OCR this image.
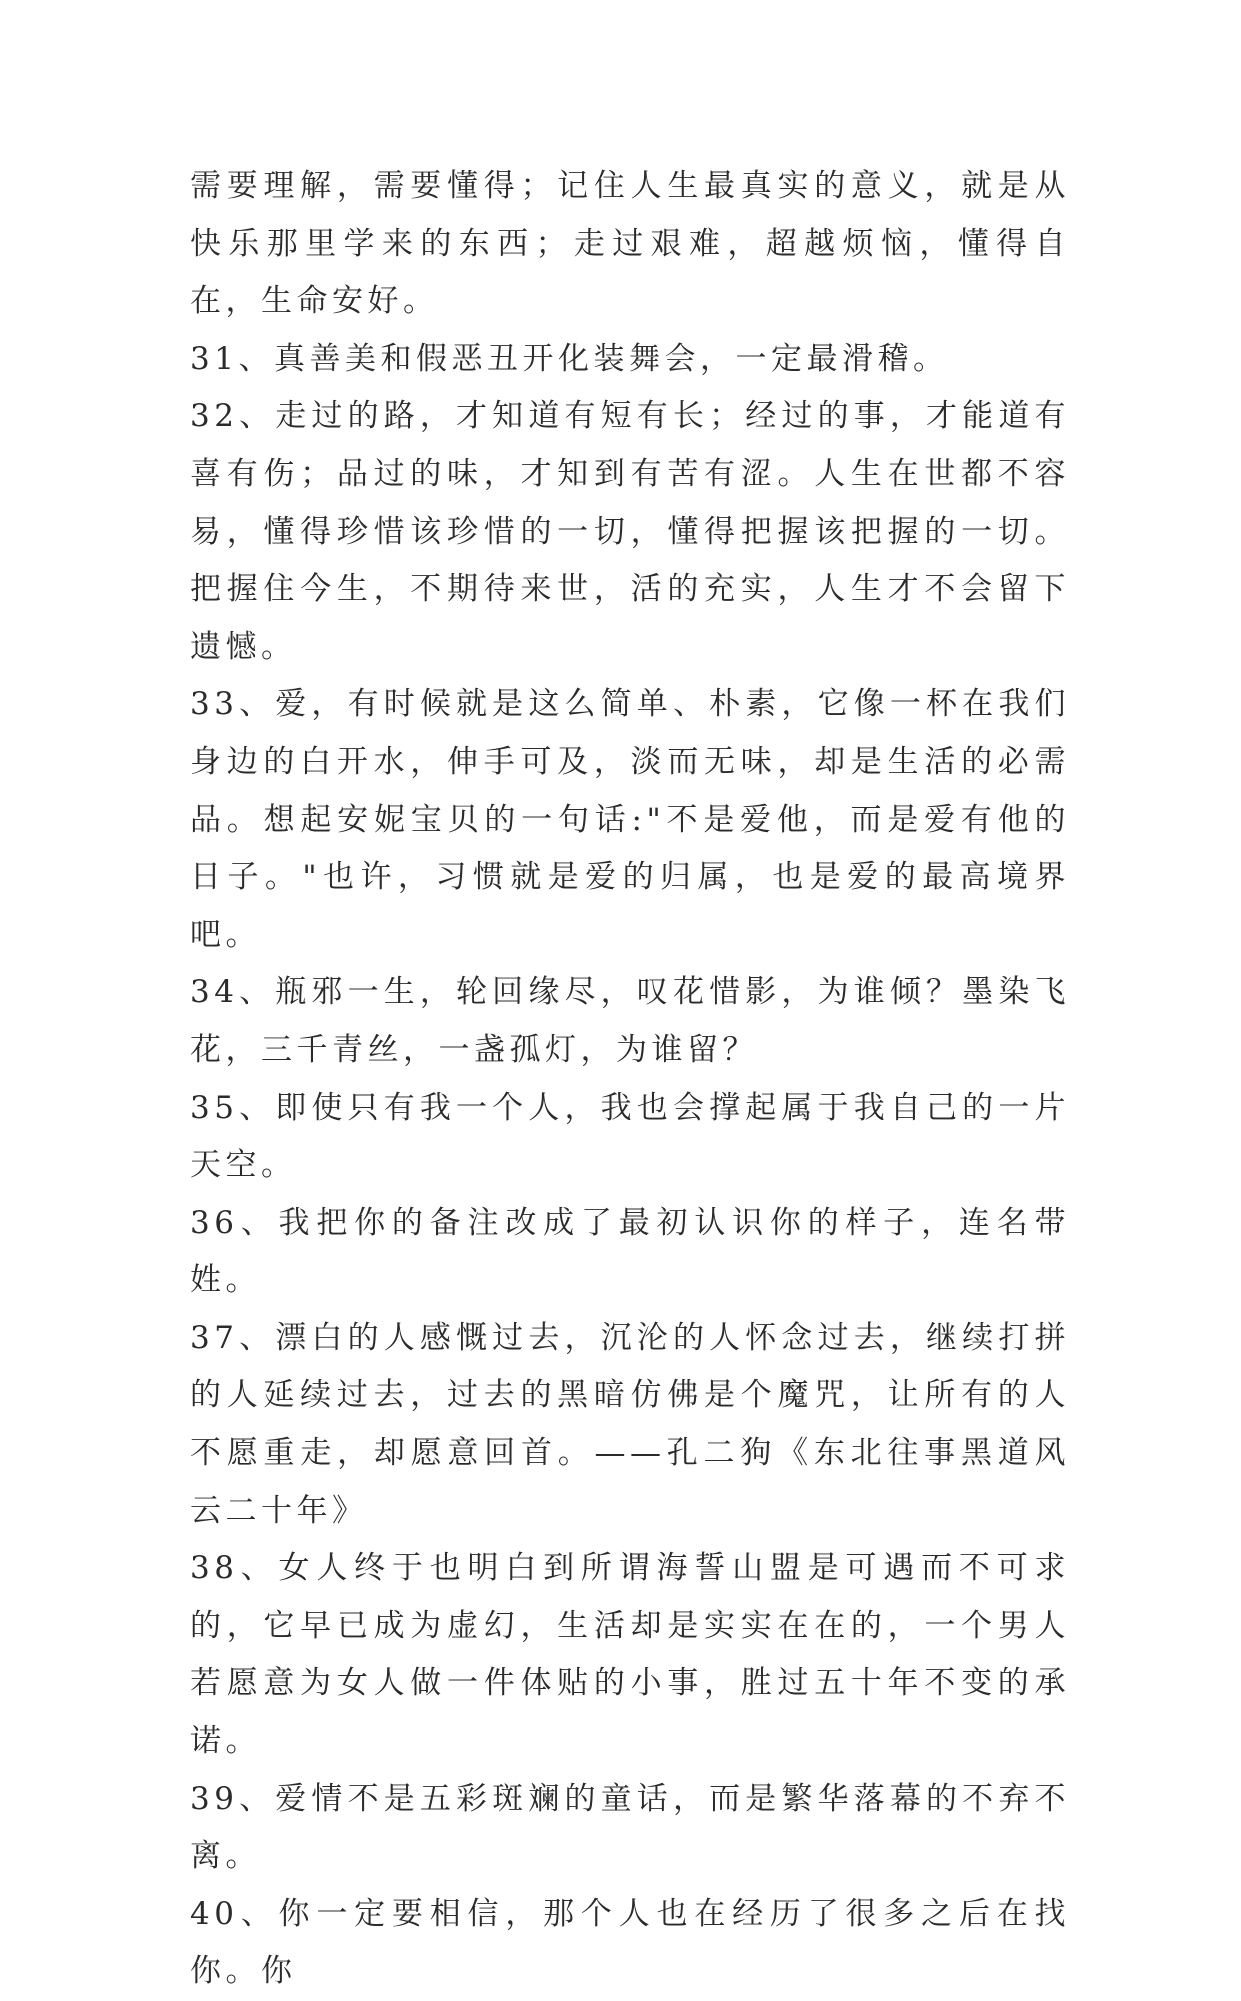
需要理解，需要懂得；记住人生最真实的意义，就是从快乐那里学来的东西；走过艰难，超越烦恼，懂得自在，生命安好。

31、真善美和假恶丑开化装舞会，一定最滑稽。

32、走过的路，才知道有短有长；经过的事，才能道有喜有伤；品过的味，才知到有苦有涩。人生在世都不容易，懂得珍惜该珍惜的一切，懂得把握该把握的一切。把握住今生，不期待来世，活的充实，人生才不会留下遗憾。

33、爱，有时候就是这么简单、朴素，它像一杯在我们身边的白开水，伸手可及，淡而无味，却是生活的必需品。想起安妮宝贝的一句话:"不是爱他，而是爱有他的日子。"也许，习惯就是爱的归属，也是爱的最高境界吧。

34、瓶邪一生，轮回缘尽，叹花惜影，为谁倾？墨染飞花，三千青丝，一盏孤灯，为谁留？

35、即使只有我一个人，我也会撑起属于我自己的一片天空。

36、我把你的备注改成了最初认识你的样子，连名带姓。

37、漂白的人感慨过去，沉沦的人怀念过去，继续打拼的人延续过去，过去的黑暗仿佛是个魔咒，让所有的人不愿重走，却愿意回首。——孔二狗《东北往事黑道风云二十年》

38、女人终于也明白到所谓海誓山盟是可遇而不可求的，它早已成为虚幻，生活却是实实在在的，一个男人若愿意为女人做一件体贴的小事，胜过五十年不变的承诺。

39、爱情不是五彩斑斓的童话，而是繁华落幕的不弃不离。

40、你一定要相信，那个人也在经历了很多之后在找你。你
